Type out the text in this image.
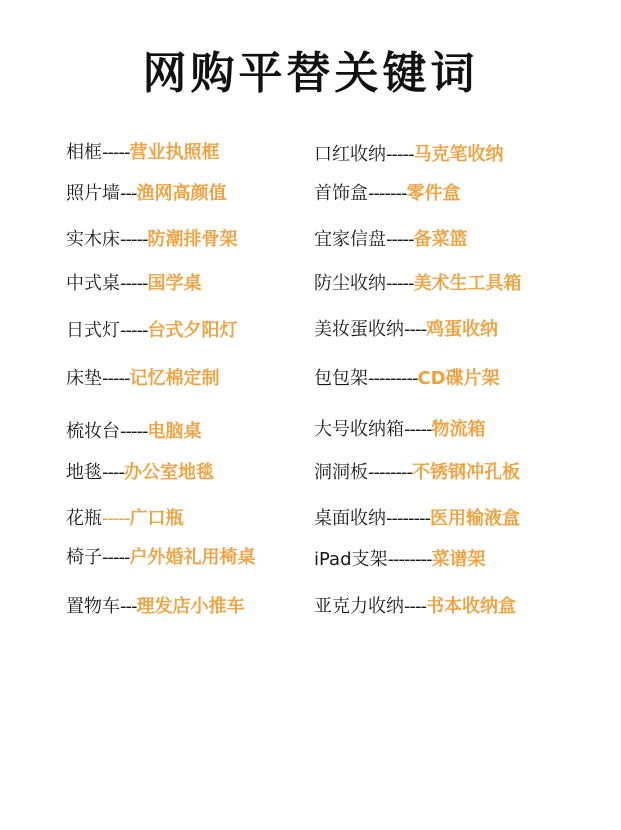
网购平替关键词
相框-----营业执照框
照片墙---渔网高颜值
实木床-----防潮排骨架
中式桌-----国学桌
日式灯-----台式夕阳灯
床垫-----记忆棉定制
梳妆台-----电脑桌
地毯----办公室地毯
花瓶-----广口瓶
椅子-----户外婚礼用椅桌
置物车---理发店小推车
口红收纳-----马克笔收纳
首饰盒-------零件盒
宜家信盘-----备菜篮
防尘收纳-----美术生工具箱
美妆蛋收纳----鸡蛋收纳
包包架---------CD碟片架
大号收纳箱-----物流箱
洞洞板--------不锈钢冲孔板
桌面收纳--------医用输液盒
iPad支架--------菜谱架
亚克力收纳----书本收纳盒
